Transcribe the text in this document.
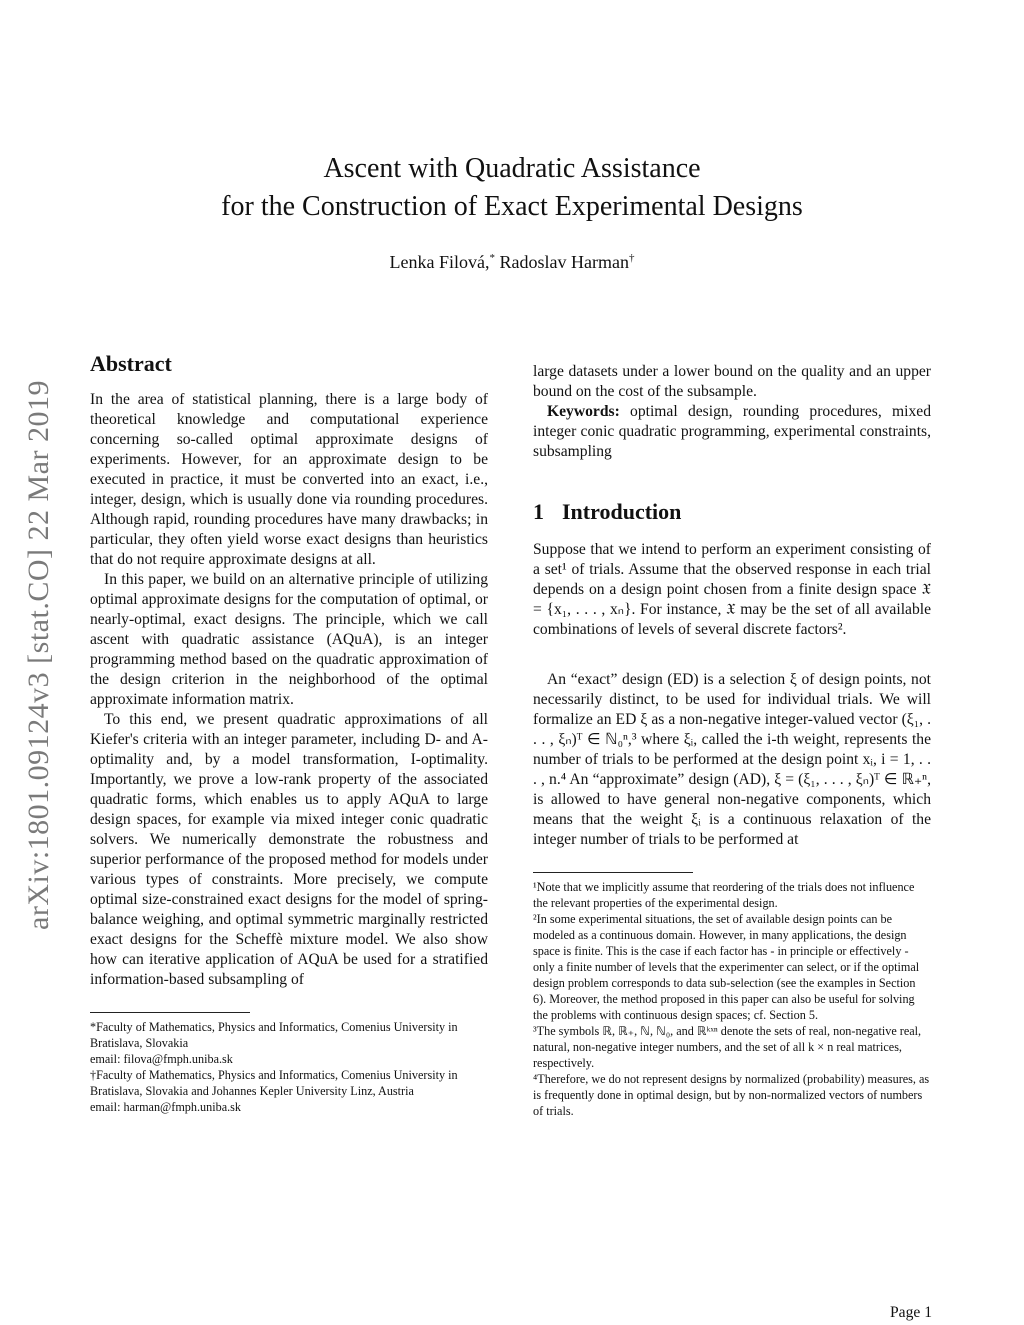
arXiv:1801.09124v3 [stat.CO] 22 Mar 2019
Ascent with Quadratic Assistance
for the Construction of Exact Experimental Designs
Lenka Filová,* Radoslav Harman†
Abstract

In the area of statistical planning, there is a large body of theoretical knowledge and computational experience concerning so-called optimal approximate designs of experiments. However, for an approximate design to be executed in practice, it must be converted into an exact, i.e., integer, design, which is usually done via rounding procedures. Although rapid, rounding procedures have many drawbacks; in particular, they often yield worse exact designs than heuristics that do not require approximate designs at all.

In this paper, we build on an alternative principle of utilizing optimal approximate designs for the computation of optimal, or nearly-optimal, exact designs. The principle, which we call ascent with quadratic assistance (AQuA), is an integer programming method based on the quadratic approximation of the design criterion in the neighborhood of the optimal approximate information matrix.

To this end, we present quadratic approximations of all Kiefer's criteria with an integer parameter, including D- and A-optimality and, by a model transformation, I-optimality. Importantly, we prove a low-rank property of the associated quadratic forms, which enables us to apply AQuA to large design spaces, for example via mixed integer conic quadratic solvers. We numerically demonstrate the robustness and superior performance of the proposed method for models under various types of constraints. More precisely, we compute optimal size-constrained exact designs for the model of spring-balance weighing, and optimal symmetric marginally restricted exact designs for the Scheffè mixture model. We also show how can iterative application of AQuA be used for a stratified information-based subsampling of

*Faculty of Mathematics, Physics and Informatics, Comenius University in Bratislava, Slovakia

email: filova@fmph.uniba.sk

†Faculty of Mathematics, Physics and Informatics, Comenius University in Bratislava, Slovakia and Johannes Kepler University Linz, Austria

email: harman@fmph.uniba.sk

large datasets under a lower bound on the quality and an upper bound on the cost of the subsample.

Keywords: optimal design, rounding procedures, mixed integer conic quadratic programming, experimental constraints, subsampling

1 Introduction

Suppose that we intend to perform an experiment consisting of a set¹ of trials. Assume that the observed response in each trial depends on a design point chosen from a finite design space 𝔛 = {x₁, . . . , xₙ}. For instance, 𝔛 may be the set of all available combinations of levels of several discrete factors².

An “exact” design (ED) is a selection ξ of design points, not necessarily distinct, to be used for individual trials. We will formalize an ED ξ as a non-negative integer-valued vector (ξ₁, . . . , ξₙ)ᵀ ∈ ℕ₀ⁿ,³ where ξᵢ, called the i-th weight, represents the number of trials to be performed at the design point xᵢ, i = 1, . . . , n.⁴ An “approximate” design (AD), ξ = (ξ₁, . . . , ξₙ)ᵀ ∈ ℝ₊ⁿ, is allowed to have general non-negative components, which means that the weight ξᵢ is a continuous relaxation of the integer number of trials to be performed at

¹Note that we implicitly assume that reordering of the trials does not influence the relevant properties of the experimental design.

²In some experimental situations, the set of available design points can be modeled as a continuous domain. However, in many applications, the design space is finite. This is the case if each factor has - in principle or effectively - only a finite number of levels that the experimenter can select, or if the optimal design problem corresponds to data sub-selection (see the examples in Section 6). Moreover, the method proposed in this paper can also be useful for solving the problems with continuous design spaces; cf. Section 5.

³The symbols ℝ, ℝ₊, ℕ, ℕ₀, and ℝᵏˣⁿ denote the sets of real, non-negative real, natural, non-negative integer numbers, and the set of all k × n real matrices, respectively.

⁴Therefore, we do not represent designs by normalized (probability) measures, as is frequently done in optimal design, but by non-normalized vectors of numbers of trials.

Page 1
